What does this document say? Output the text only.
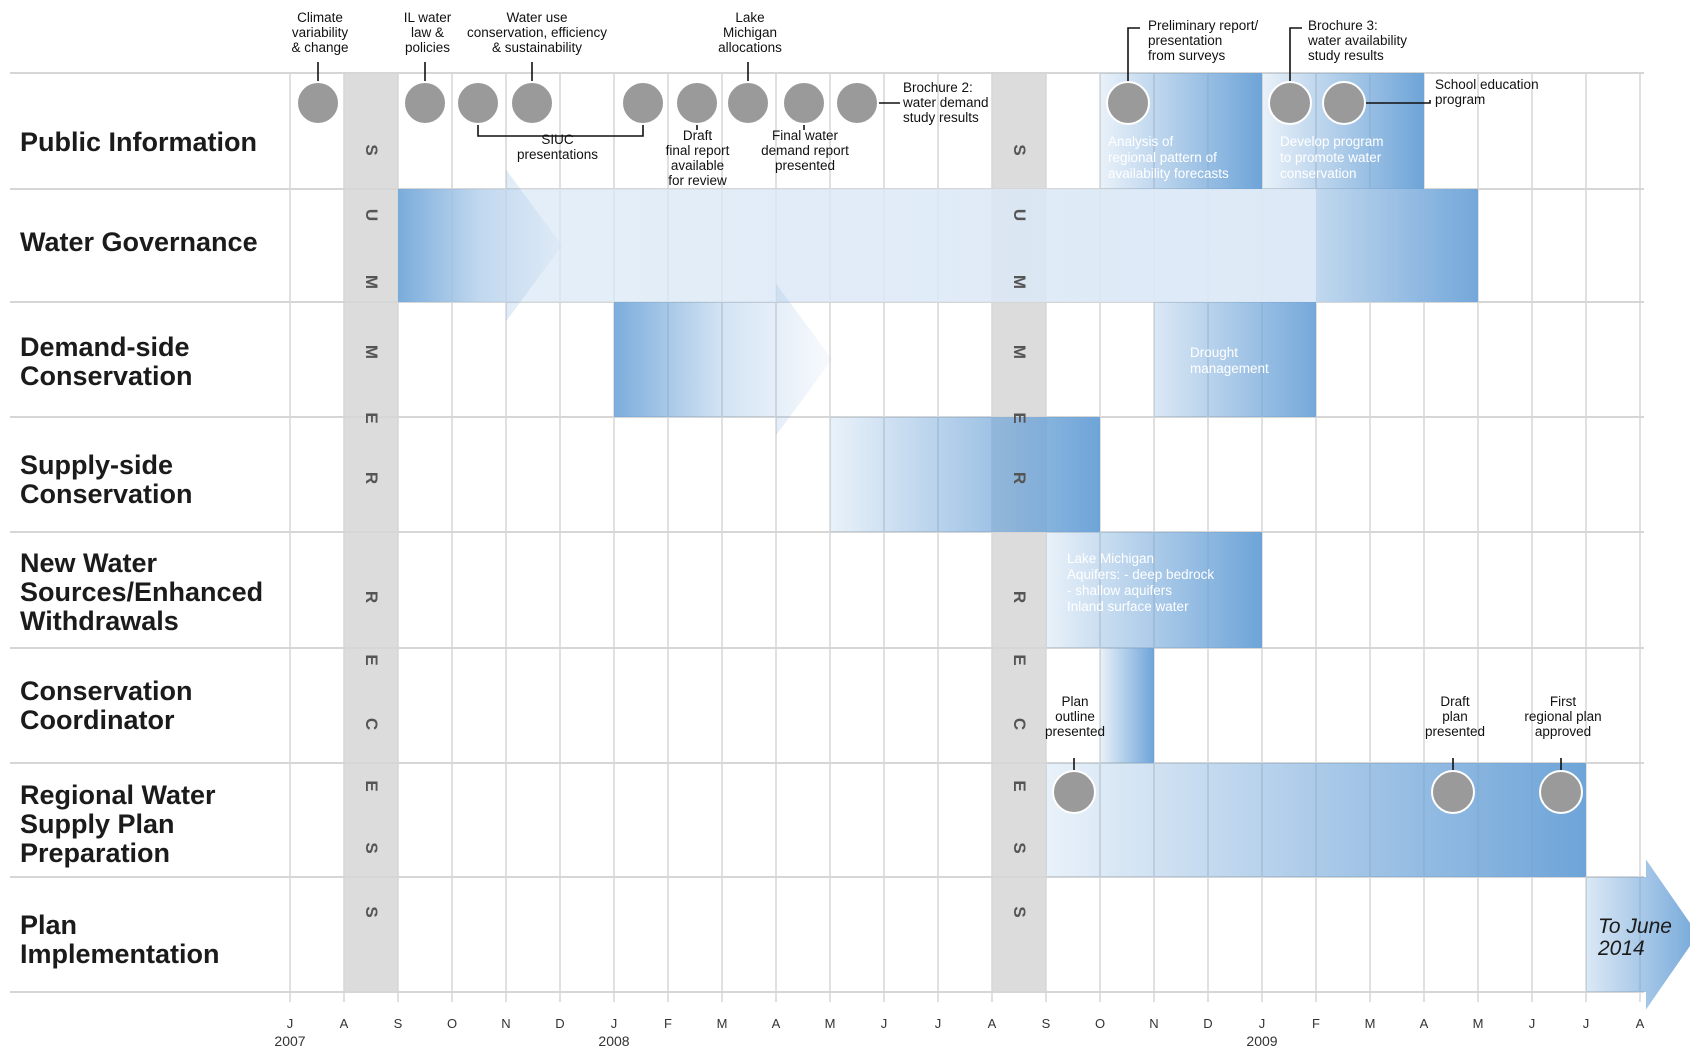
Public Information
Water Governance
Demand-side
Conservation
Supply-side
Conservation
New Water
Sources/Enhanced
Withdrawals
Conservation
Coordinator
Regional Water
Supply Plan
Preparation
Plan
Implementation
Climate
variability
& change
IL water
law &
policies
Water use
conservation, efficiency
& sustainability
Lake
Michigan
allocations
SIUC
presentations
Draft
final report
available
for review
Final water
demand report
presented
Brochure 2:
water demand
study results
Preliminary report/
presentation
from surveys
Brochure 3:
water availability
study results
School education
program
Plan
outline
presented
Draft
plan
presented
First
regional plan
approved
Analysis of
regional pattern of
availability forecasts
Develop program
to promote water
conservation
Drought
management
Lake Michigan
Aquifers: - deep bedrock
- shallow aquifers
Inland surface water
To June
2014
J	A	S	O	N	D	J	F	M	A	M	J	J	A	S	O	N	D	J	F	M	A	M	J	J	A
2007	2008	2009
S
U
M
M
E
R
R
E
C
E
S
S
S
U
M
M
E
R
R
E
C
E
S
S
